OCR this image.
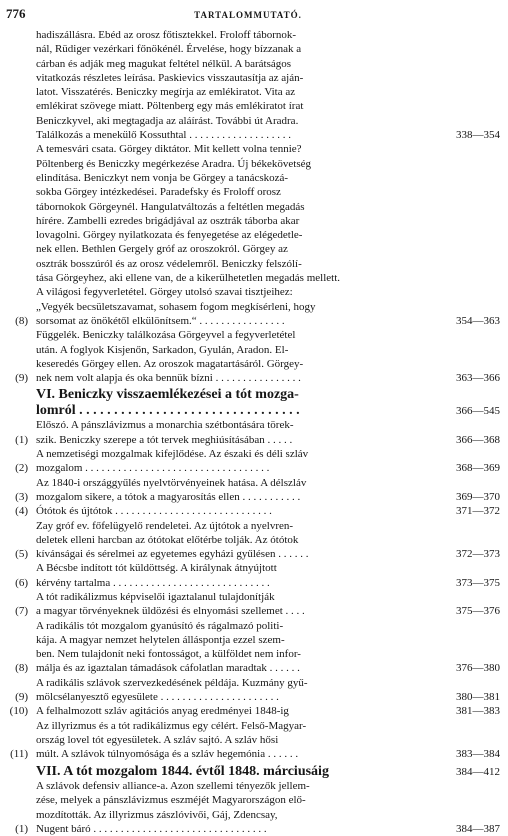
776	TARTALOMMUTATÓ.
hadiszállásra. Ebéd az orosz főtisztekkel. Froloff tábornok-
nál, Rüdiger vezérkari főnökénél. Érvelése, hogy bízzanak a
cárban és adják meg magukat feltétel nélkül. A barátságos
vitatkozás részletes leírása. Paskievics visszautasítja az aján-
latot. Visszatérés. Beniczky megírja az emlékiratot. Vita az
emlékirat szövege miatt. Pöltenberg egy más emlékiratot írat
Beniczkyvel, aki megtagadja az aláírást. További út Aradra.
Találkozás a menekülő Kossuthtal . . . . . . . . . . . . . . . . . . .	338—354
(8)
A temesvári csata. Görgey diktátor. Mit kellett volna tennie?
Pöltenberg és Beniczky megérkezése Aradra. Új békekövetség
elindítása. Beniczkyt nem vonja be Görgey a tanácskozá-
sokba Görgey intézkedései. Paradefsky és Froloff orosz
tábornokok Görgeynél. Hangulatváltozás a feltétlen megadás
hírére. Zambelli ezredes brigádjával az osztrák táborba akar
lovagolni. Görgey nyilatkozata és fenyegetése az elégedetle-
nek ellen. Bethlen Gergely gróf az oroszokról. Görgey az
osztrák bosszúról és az orosz védelemről. Beniczky felszólí-
tása Görgeyhez, aki ellene van, de a kikerülhetetlen megadás mellett.
A világosi fegyverletétel. Görgey utolsó szavai tisztjeihez:
„Vegyék becsületszavamat, sohasem fogom megkísérleni, hogy
sorsomat az önökétől elkülönítsem.“ . . . . . . . . . . . . . . . .	354—363
(9)
Függelék. Beniczky találkozása Görgeyvel a fegyverletétel
után. A foglyok Kisjenőn, Sarkadon, Gyulán, Aradon. El-
keseredés Görgey ellen. Az oroszok magatartásáról. Görgey-
nek nem volt alapja és oka bennük bízni . . . . . . . . . . . . . . . .	363—366
VI. Beniczky visszaemlékezései a tót mozga-
lomról . . . . . . . . . . . . . . . . . . . . . . . . . . . . . . . .	366—545
(1)
Előszó. A pánszlávizmus a monarchia szétbontására törek-
szik. Beniczky szerepe a tót tervek meghiúsításában . . . . .	366—368
(2)
A nemzetiségi mozgalmak kifejlődése. Az északi és déli szláv
mozgalom . . . . . . . . . . . . . . . . . . . . . . . . . . . . . . . . . .	368—369
(3)
Az 1840-i országgyűlés nyelvtörvényeinek hatása. A délszláv
mozgalom sikere, a tótok a magyarosítás ellen . . . . . . . . . . .	369—370
(4) Ótótok és újtótok . . . . . . . . . . . . . . . . . . . . . . . . . . . . .	371—372
(5)
Zay gróf ev. főfelügyelő rendeletei. Az újtótok a nyelvren-
deletek elleni harcban az ótótokat előtérbe tolják. Az ótótok
kívánságai és sérelmei az egyetemes egyházi gyűlésen . . . . . .	372—373
(6)
A Bécsbe indított tót küldöttség. A királynak átnyújtott
kérvény tartalma . . . . . . . . . . . . . . . . . . . . . . . . . . . . .	373—375
(7)
A tót radikálizmus képviselői igaztalanul tulajdonítják
a magyar törvényeknek üldözési és elnyomási szellemet . . . .	375—376
(8)
A radikális tót mozgalom gyanúsító és rágalmazó politi-
kája. A magyar nemzet helytelen álláspontja ezzel szem-
ben. Nem tulajdonít neki fontosságot, a külföldet nem infor-
málja és az igaztalan támadások cáfolatlan maradtak . . . . . .	376—380
(9)
A radikális szlávok szervezkedésének példája. Kuzmány gyű-
mölcsélanyesztő egyesülete . . . . . . . . . . . . . . . . . . . . . .	380—381
(10) A felhalmozott szláv agitációs anyag eredményei 1848-ig	381—383
(11)
Az illyrizmus és a tót radikálizmus egy célért. Felső-Magyar-
ország lovel tót egyesületek. A szláv sajtó. A szláv hősi
múlt. A szlávok túlnyomósága és a szláv hegemónia . . . . . .	383—384
VII. A tót mozgalom 1844. évtől 1848. márciusáig	384—412
(1)
A szlávok defensiv alliance-a. Azon szellemi tényezők jellem-
zése, melyek a pánszlávizmus eszméjét Magyarországon elő-
mozdították. Az illyrizmus zászlóvivői, Gáj, Zdencsay,
Nugent báró . . . . . . . . . . . . . . . . . . . . . . . . . . . . . . . .	384—387
